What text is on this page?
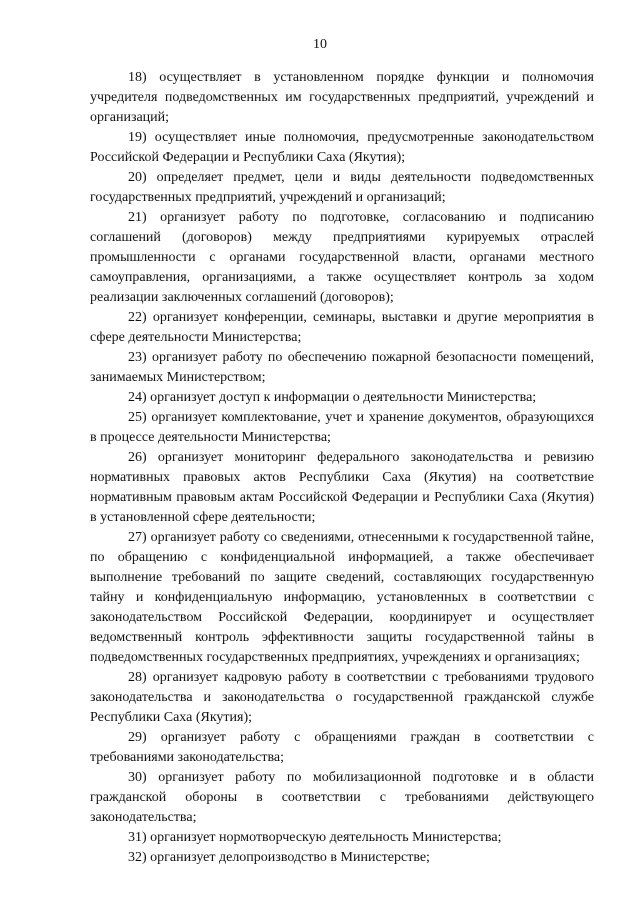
10

18) осуществляет в установленном порядке функции и полномочия учредителя подведомственных им государственных предприятий, учреждений и организаций;

19) осуществляет иные полномочия, предусмотренные законодательством Российской Федерации и Республики Саха (Якутия);

20) определяет предмет, цели и виды деятельности подведомственных государственных предприятий, учреждений и организаций;

21) организует работу по подготовке, согласованию и подписанию соглашений (договоров) между предприятиями курируемых отраслей промышленности с органами государственной власти, органами местного самоуправления, организациями, а также осуществляет контроль за ходом реализации заключенных соглашений (договоров);

22) организует конференции, семинары, выставки и другие мероприятия в сфере деятельности Министерства;

23) организует работу по обеспечению пожарной безопасности помещений, занимаемых Министерством;

24) организует доступ к информации о деятельности Министерства;

25) организует комплектование, учет и хранение документов, образующихся в процессе деятельности Министерства;

26) организует мониторинг федерального законодательства и ревизию нормативных правовых актов Республики Саха (Якутия) на соответствие нормативным правовым актам Российской Федерации и Республики Саха (Якутия) в установленной сфере деятельности;

27) организует работу со сведениями, отнесенными к государственной тайне, по обращению с конфиденциальной информацией, а также обеспечивает выполнение требований по защите сведений, составляющих государственную тайну и конфиденциальную информацию, установленных в соответствии с законодательством Российской Федерации, координирует и осуществляет ведомственный контроль эффективности защиты государственной тайны в подведомственных государственных предприятиях, учреждениях и организациях;

28) организует кадровую работу в соответствии с требованиями трудового законодательства и законодательства о государственной гражданской службе Республики Саха (Якутия);

29) организует работу с обращениями граждан в соответствии с требованиями законодательства;

30) организует работу по мобилизационной подготовке и в области гражданской обороны в соответствии с требованиями действующего законодательства;

31) организует нормотворческую деятельность Министерства;

32) организует делопроизводство в Министерстве;
